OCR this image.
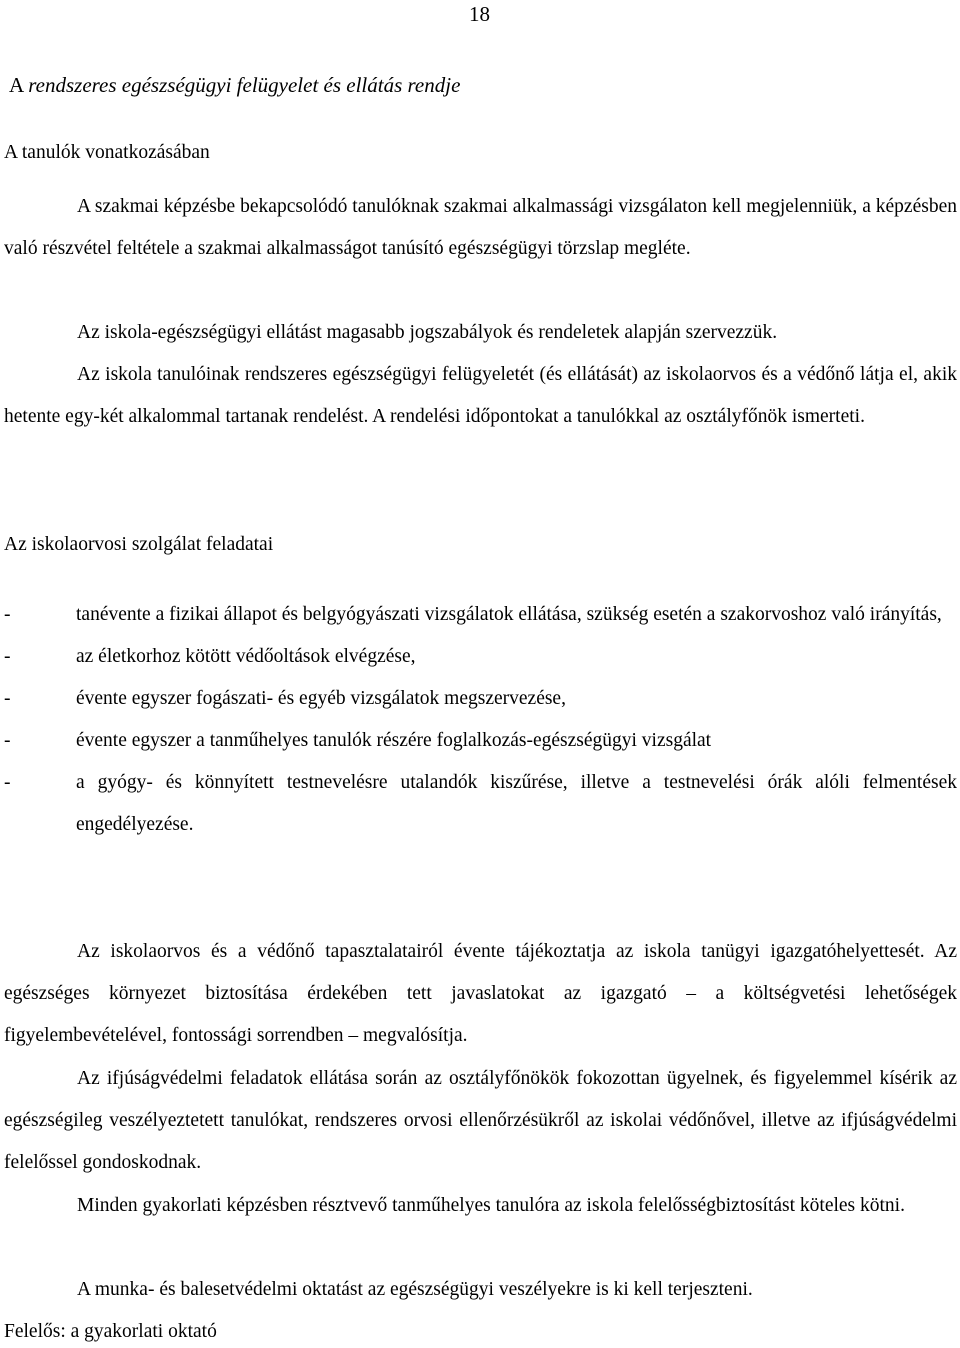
18
A rendszeres egészségügyi felügyelet és ellátás rendje
A tanulók vonatkozásában
A szakmai képzésbe bekapcsolódó tanulóknak szakmai alkalmassági vizsgálaton kell megjelenniük, a képzésben való részvétel feltétele a szakmai alkalmasságot tanúsító egészségügyi törzslap megléte.
Az iskola-egészségügyi ellátást magasabb jogszabályok és rendeletek alapján szervezzük.
Az iskola tanulóinak rendszeres egészségügyi felügyeletét (és ellátását) az iskolaorvos és a védőnő látja el, akik hetente egy-két alkalommal tartanak rendelést. A rendelési időpontokat a tanulókkal az osztályfőnök ismerteti.
Az iskolaorvosi szolgálat feladatai
-	tanévente a fizikai állapot és belgyógyászati vizsgálatok ellátása, szükség esetén a szakorvoshoz való irányítás,
-	az életkorhoz kötött védőoltások elvégzése,
-	évente egyszer fogászati- és egyéb vizsgálatok megszervezése,
-	évente egyszer a tanműhelyes tanulók részére foglalkozás-egészségügyi vizsgálat
-	a gyógy- és könnyített testnevelésre utalandók kiszűrése, illetve a testnevelési órák alóli felmentések engedélyezése.
Az iskolaorvos és a védőnő tapasztalatairól évente tájékoztatja az iskola tanügyi igazgatóhelyettesét. Az egészséges környezet biztosítása érdekében tett javaslatokat az igazgató – a költségvetési lehetőségek figyelembevételével, fontossági sorrendben – megvalósítja.
Az ifjúságvédelmi feladatok ellátása során az osztályfőnökök fokozottan ügyelnek, és figyelemmel kísérik az egészségileg veszélyeztetett tanulókat, rendszeres orvosi ellenőrzésükről az iskolai védőnővel, illetve az ifjúságvédelmi felelőssel gondoskodnak.
Minden gyakorlati képzésben résztvevő tanműhelyes tanulóra az iskola felelősségbiztosítást köteles kötni.
A munka- és balesetvédelmi oktatást az egészségügyi veszélyekre is ki kell terjeszteni.
Felelős: a gyakorlati oktató
